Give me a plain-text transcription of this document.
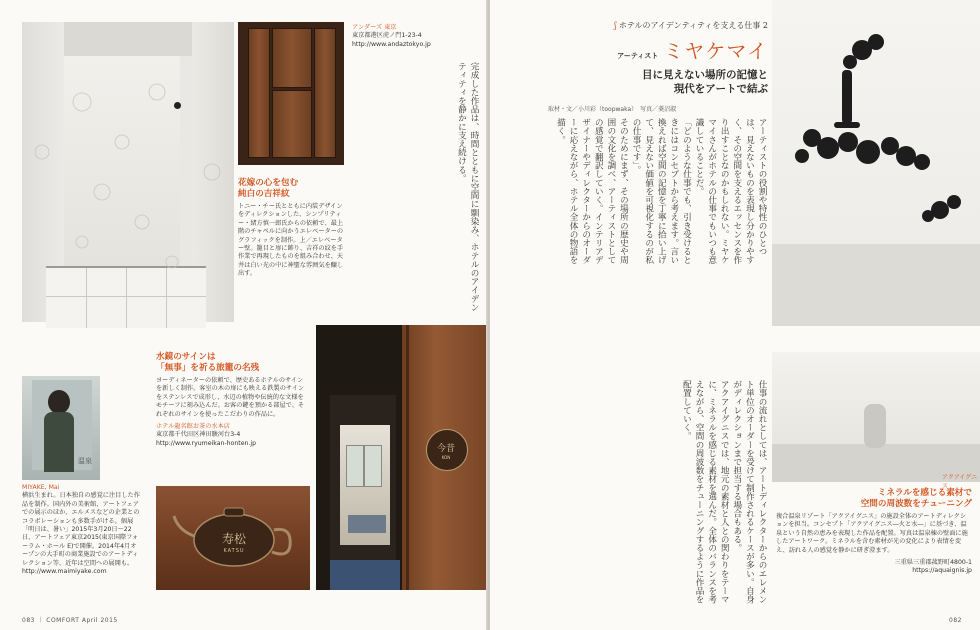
アンダーズ 東京
東京都港区虎ノ門1-23-4
http://www.andaztokyo.jp
花嫁の心を包む
純白の吉祥紋
トニー・チー氏とともに内装デザインをディレクションした、シンプリティー・緒方慎一郎氏からの依頼で、最上階のチャペルに向かうエレベーターのグラフィックを制作。上／エレベーター壁。籠目と扉に飾り、吉祥の紋を手作業で再現したものを組み合わせ、天井は白い光の中に神聖な雰囲気を醸し出す。
水鏡のサインは
「無事」を祈る旅籠の名残
ヨーディネーターの依頼で、歴史あるホテルのサインを新しく制作。客室の木の扉にも映える鉄製のサインをステンレスで成形し、水辺の植物や伝統的な文様をモチーフに刻み込んだ。お客の鍵を預かる部屋で、それぞれのサインを使ったこだわりの作品に。
ホテル龍名館お茶の水本店
東京都千代田区神田駿河台3-4
http://www.ryumeikan-honten.jp
温泉
MIYAKE, Mai
横浜生まれ。日本独自の感覚に注目した作品を制作。国内外の美術館、アートフェアでの展示のほか、エルメスなどの企業とのコラボレーションも多数手がける。個展「明日は、暑い」2015年3月20日〜22日、アートフェア東京2015(東京国際フォーラム・ホール E)で開催。2014年4月オープンの大手町の商業施設でのアートディレクション等、近年は空間への展開も。
http://www.maimiyake.com
寿松
KATSU
今昔
KON
完成した作品は、時間とともに空間に馴染み、ホテルのアイデンティティを静かに支え続ける。
083 ｜ COMFORT April 2015
ʃ ホテルのアイデンティティを支える仕事 2
アーティスト ミヤケマイ
目に見えない場所の記憶と
現代をアートで結ぶ
取材・文／小川彩（toopwaka）　写真／菱沼淑
アーティストの役割や特性のひとつは、見えないものを表現し分かりやすく、その空間を支えるエッセンスを作り出すことなのかもしれない。ミヤケマイさんがホテルの仕事でもいつも意識していることだ。
「どのような仕事でも、引き受けるときにはコンセプトから考えます。言い換えれば空間の記憶を丁寧に拾い上げて、見えない価値を可視化するのが私の仕事です」。
そのためにまず、その場所の歴史や周囲の文化を調べ、アーティストとしての感覚で翻訳していく。インテリアデザイナーやディレクターからのオーダーに応えながら、ホテル全体の物語を描く。
仕事の流れとしては、アートディレクターからのエレメント単位のオーダーを受けて制作されるケースが多い。自身がディレクションまで担当する場合もある。
アクアイグニスでは、地元の素材と人との関わりをテーマに、ミネラルを感じる素材を選んだ。全体のバランスを考えながら、空間の周波数をチューニングするように作品を配置していく。
アクアイグニス
ミネラルを感じる素材で
空間の周波数をチューニング
複合温泉リゾート「アクアイグニス」の施設全体のアートディレクションを担当。コンセプト「アクアイグニス―火と水―」に基づき、温泉という自然の恵みを表現した作品を配置。写真は温泉棟の壁面に施したアートワーク。ミネラルを含む素材が光の変化により表情を変え、訪れる人の感覚を静かに研ぎ澄ます。
三重県三重郡菰野町4800-1
https://aquaignis.jp
082
